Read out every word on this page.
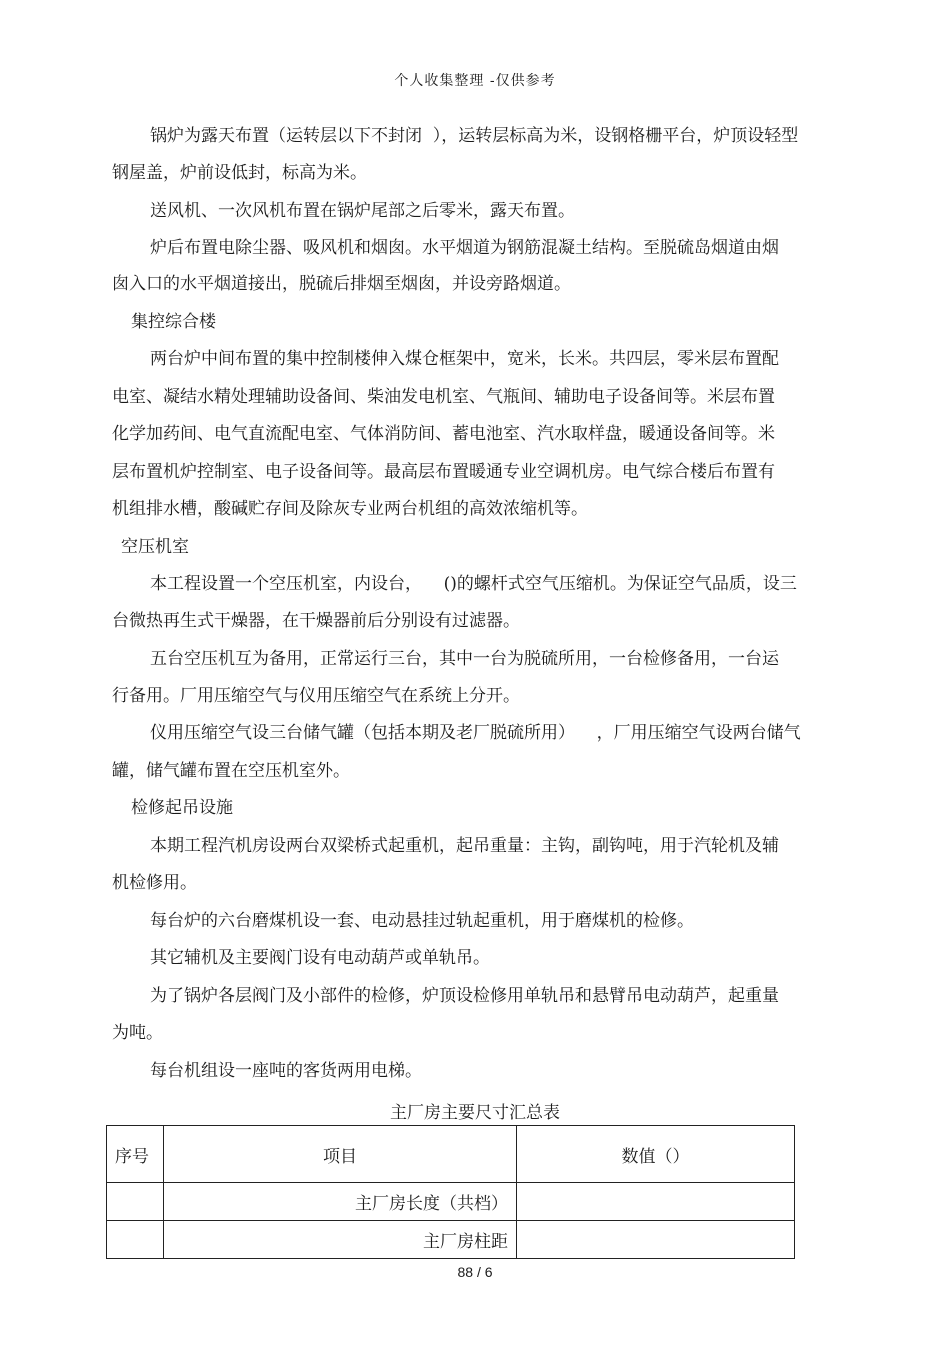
个人收集整理 -仅供参考
锅炉为露天布置（运转层以下不封闭  ），运转层标高为米，设钢格栅平台，炉顶设轻型
钢屋盖，炉前设低封，标高为米。
送风机、一次风机布置在锅炉尾部之后零米，露天布置。
炉后布置电除尘器、吸风机和烟囱。水平烟道为钢筋混凝土结构。至脱硫岛烟道由烟
囱入口的水平烟道接出，脱硫后排烟至烟囱，并设旁路烟道。
集控综合楼
两台炉中间布置的集中控制楼伸入煤仓框架中，宽米，长米。共四层，零米层布置配
电室、凝结水精处理辅助设备间、柴油发电机室、气瓶间、辅助电子设备间等。米层布置
化学加药间、电气直流配电室、气体消防间、蓄电池室、汽水取样盘，暖通设备间等。米
层布置机炉控制室、电子设备间等。最高层布置暖通专业空调机房。电气综合楼后布置有
机组排水槽，酸碱贮存间及除灰专业两台机组的高效浓缩机等。
空压机室
本工程设置一个空压机室，内设台，    ()的螺杆式空气压缩机。为保证空气品质，设三
台微热再生式干燥器，在干燥器前后分别设有过滤器。
五台空压机互为备用，正常运行三台，其中一台为脱硫所用，一台检修备用，一台运
行备用。厂用压缩空气与仪用压缩空气在系统上分开。
仪用压缩空气设三台储气罐（包括本期及老厂脱硫所用）    ，厂用压缩空气设两台储气
罐，储气罐布置在空压机室外。
检修起吊设施
本期工程汽机房设两台双梁桥式起重机，起吊重量：主钩，副钩吨，用于汽轮机及辅
机检修用。
每台炉的六台磨煤机设一套、电动悬挂过轨起重机，用于磨煤机的检修。
其它辅机及主要阀门设有电动葫芦或单轨吊。
为了锅炉各层阀门及小部件的检修，炉顶设检修用单轨吊和悬臂吊电动葫芦，起重量
为吨。
每台机组设一座吨的客货两用电梯。
主厂房主要尺寸汇总表
序号	项目	数值（）
	主厂房长度（共档）	
	主厂房柱距	
88 / 6
